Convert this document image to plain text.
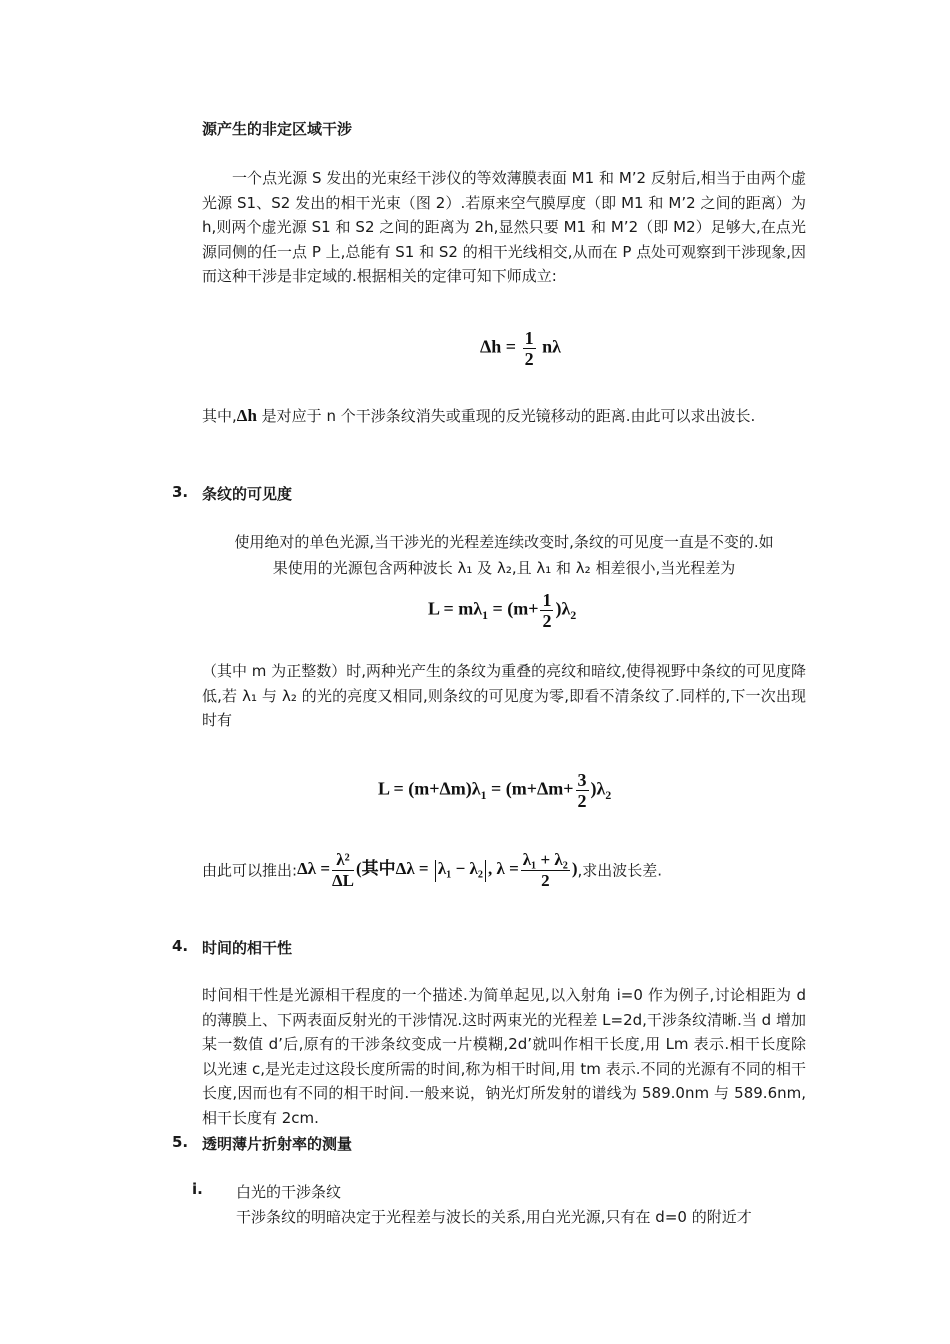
源产生的非定区域干涉
一个点光源 S 发出的光束经干涉仪的等效薄膜表面 M1 和 M’2 反射后,相当于由两个虚光源 S1、S2 发出的相干光束（图 2）.若原来空气膜厚度（即 M1 和 M’2 之间的距离）为 h,则两个虚光源 S1 和 S2 之间的距离为 2h,显然只要 M1 和 M’2（即 M2）足够大,在点光源同侧的任一点 P 上,总能有 S1 和 S2 的相干光线相交,从而在 P 点处可观察到干涉现象,因而这种干涉是非定域的.根据相关的定律可知下师成立:
$\Delta h = \frac{1}{2}$ nλ
其中,Δh 是对应于 n 个干涉条纹消失或重现的反光镜移动的距离.由此可以求出波长.
3. 条纹的可见度
使用绝对的单色光源,当干涉光的光程差连续改变时,条纹的可见度一直是不变的.如
果使用的光源包含两种波长 λ₁ 及 λ₂,且 λ₁ 和 λ₂ 相差很小,当光程差为
$L = m\lambda_1 = (m+ \frac{1}{2} )\lambda_2$
（其中 m 为正整数）时,两种光产生的条纹为重叠的亮纹和暗纹,使得视野中条纹的可见度降低,若 λ₁ 与 λ₂ 的光的亮度又相同,则条纹的可见度为零,即看不清条纹了.同样的,下一次出现时有
$L = (m+\Delta m)\lambda_1 = (m+\Delta m+ \frac{3}{2} )\lambda_2$
由此可以推出:Δλ = $\frac{\text{λ²}}{\Delta L}$ (其中Δλ = λ₁ − λ₂ , $\lambda = \frac{\text{λ₁ + λ₂}}{2}$ ),求出波长差.
4. 时间的相干性
时间相干性是光源相干程度的一个描述.为简单起见,以入射角 i=0 作为例子,讨论相距为 d 的薄膜上、下两表面反射光的干涉情况.这时两束光的光程差 L=2d,干涉条纹清晰.当 d 增加某一数值 d’后,原有的干涉条纹变成一片模糊,2d’就叫作相干长度,用 Lm 表示.相干长度除以光速 c,是光走过这段长度所需的时间,称为相干时间,用 tm 表示.不同的光源有不同的相干长度,因而也有不同的相干时间.一般来说，钠光灯所发射的谱线为 589.0nm 与 589.6nm,相干长度有 2cm.
5. 透明薄片折射率的测量
i. 白光的干涉条纹
干涉条纹的明暗决定于光程差与波长的关系,用白光光源,只有在 d=0 的附近才
